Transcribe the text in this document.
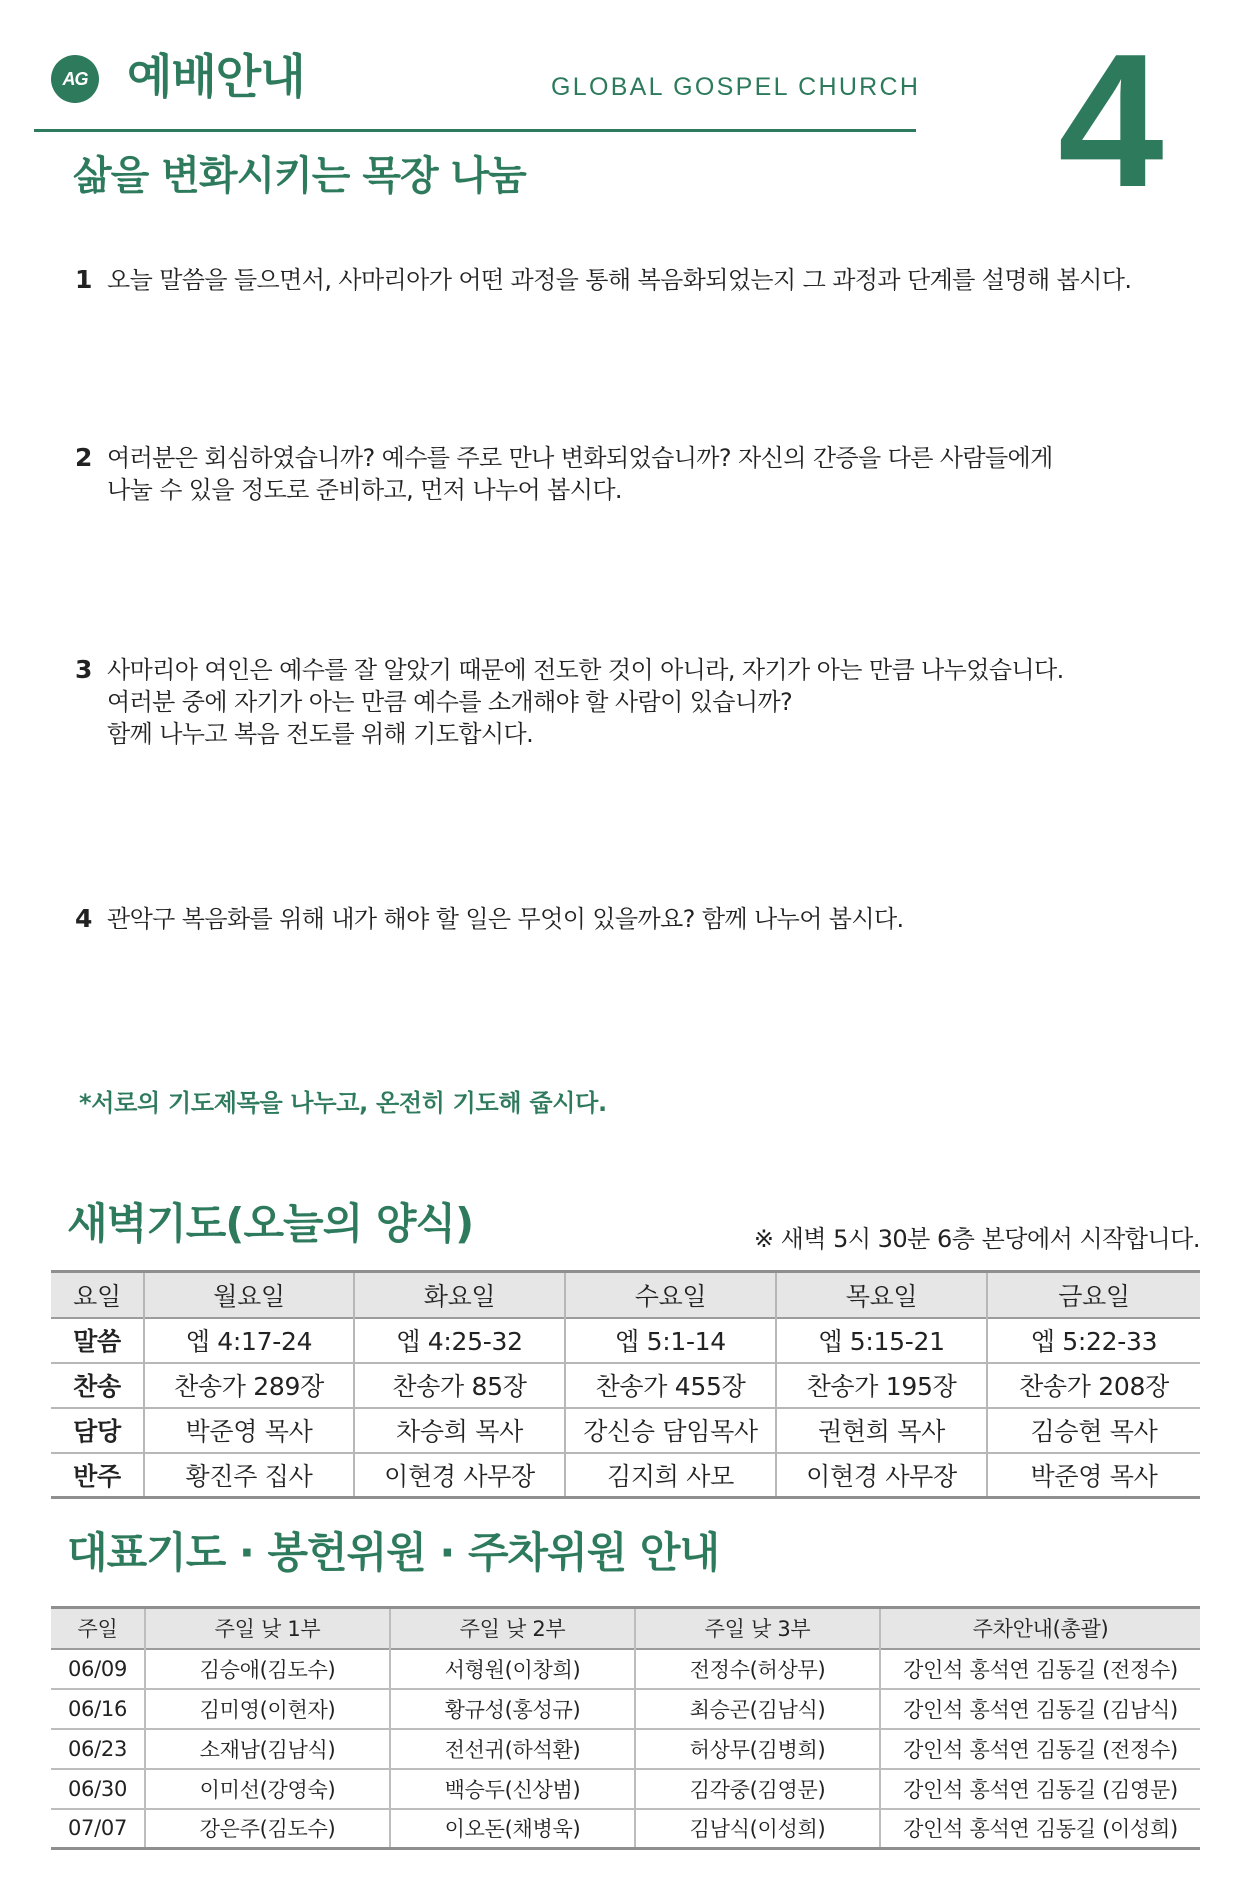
AG 예배안내	GLOBAL GOSPEL CHURCH 4
삶을 변화시키는 목장 나눔
1 오늘 말씀을 들으면서, 사마리아가 어떤 과정을 통해 복음화되었는지 그 과정과 단계를 설명해 봅시다.
2 여러분은 회심하였습니까? 예수를 주로 만나 변화되었습니까? 자신의 간증을 다른 사람들에게
나눌 수 있을 정도로 준비하고, 먼저 나누어 봅시다.
3 사마리아 여인은 예수를 잘 알았기 때문에 전도한 것이 아니라, 자기가 아는 만큼 나누었습니다.
여러분 중에 자기가 아는 만큼 예수를 소개해야 할 사람이 있습니까?
함께 나누고 복음 전도를 위해 기도합시다.
4 관악구 복음화를 위해 내가 해야 할 일은 무엇이 있을까요? 함께 나누어 봅시다.
*서로의 기도제목을 나누고, 온전히 기도해 줍시다.
새벽기도(오늘의 양식)	※ 새벽 5시 30분 6층 본당에서 시작합니다.
요일	월요일	화요일	수요일	목요일	금요일
말씀	엡 4:17-24	엡 4:25-32	엡 5:1-14	엡 5:15-21	엡 5:22-33
찬송	찬송가 289장	찬송가 85장	찬송가 455장	찬송가 195장	찬송가 208장
담당	박준영 목사	차승희 목사	강신승 담임목사	권현희 목사	김승현 목사
반주	황진주 집사	이현경 사무장	김지희 사모	이현경 사무장	박준영 목사
대표기도 · 봉헌위원 · 주차위원 안내
주일	주일 낮 1부	주일 낮 2부	주일 낮 3부	주차안내(총괄)
06/09	김승애(김도수)	서형원(이창희)	전정수(허상무)	강인석 홍석연 김동길 (전정수)
06/16	김미영(이현자)	황규성(홍성규)	최승곤(김남식)	강인석 홍석연 김동길 (김남식)
06/23	소재남(김남식)	전선귀(하석환)	허상무(김병희)	강인석 홍석연 김동길 (전정수)
06/30	이미선(강영숙)	백승두(신상범)	김각중(김영문)	강인석 홍석연 김동길 (김영문)
07/07	강은주(김도수)	이오돈(채병욱)	김남식(이성희)	강인석 홍석연 김동길 (이성희)
